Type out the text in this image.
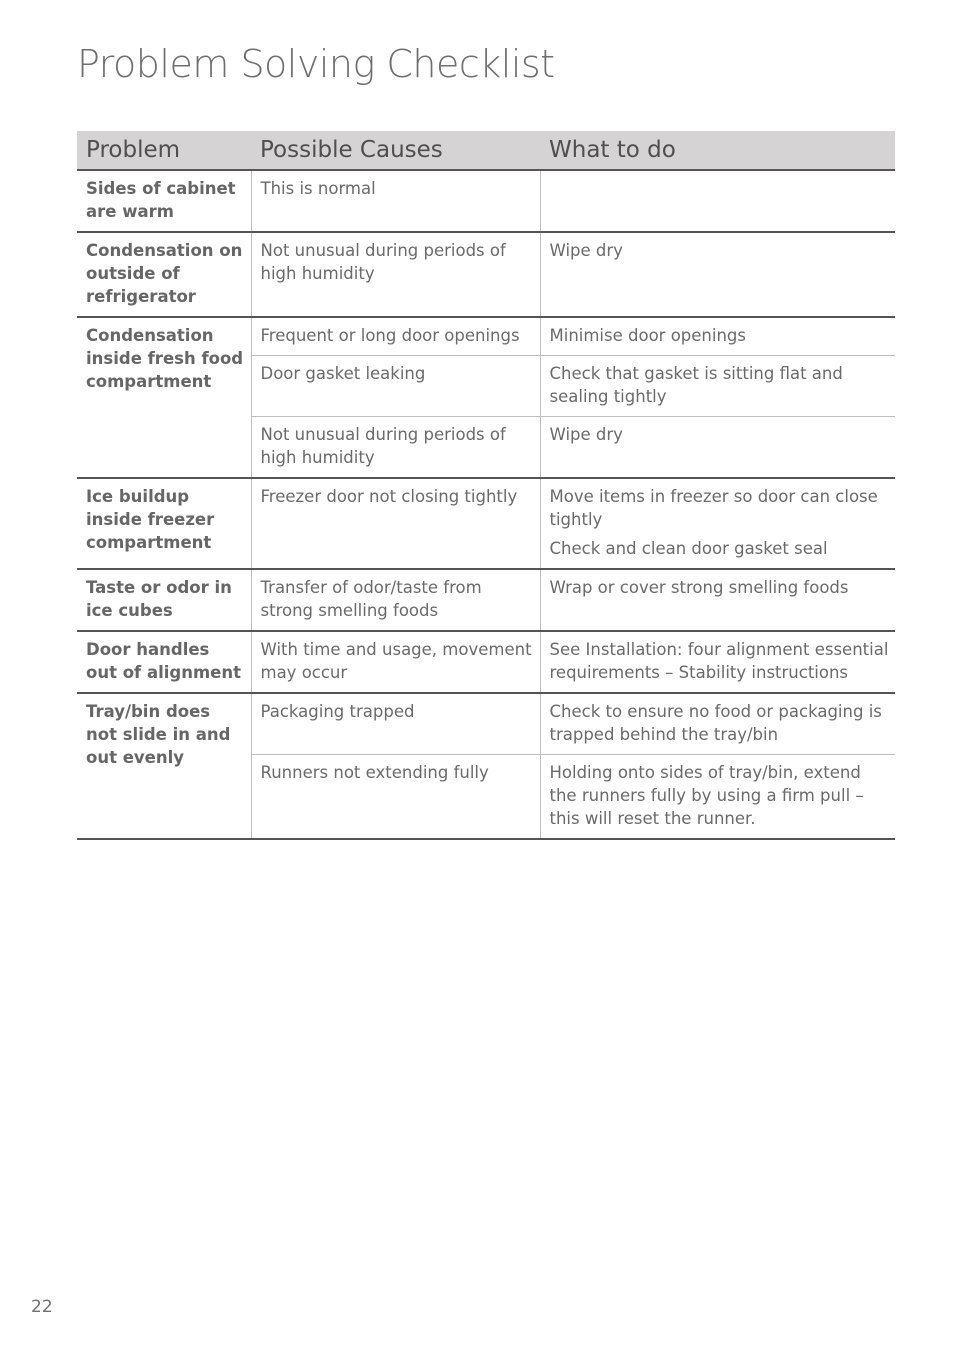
Problem Solving Checklist
Problem	Possible Causes	What to do
Sides of cabinet are warm	This is normal	
Condensation on outside of refrigerator	Not unusual during periods of high humidity	Wipe dry
Condensation inside fresh food compartment	Frequent or long door openings	Minimise door openings
	Door gasket leaking	Check that gasket is sitting flat and sealing tightly
	Not unusual during periods of high humidity	Wipe dry
Ice buildup inside freezer compartment	Freezer door not closing tightly	Move items in freezer so door can close tightly
		Check and clean door gasket seal
Taste or odor in ice cubes	Transfer of odor/taste from strong smelling foods	Wrap or cover strong smelling foods
Door handles out of alignment	With time and usage, movement may occur	See Installation: four alignment essential requirements – Stability instructions
Tray/bin does not slide in and out evenly	Packaging trapped	Check to ensure no food or packaging is trapped behind the tray/bin
	Runners not extending fully	Holding onto sides of tray/bin, extend the runners fully by using a firm pull – this will reset the runner.
22
